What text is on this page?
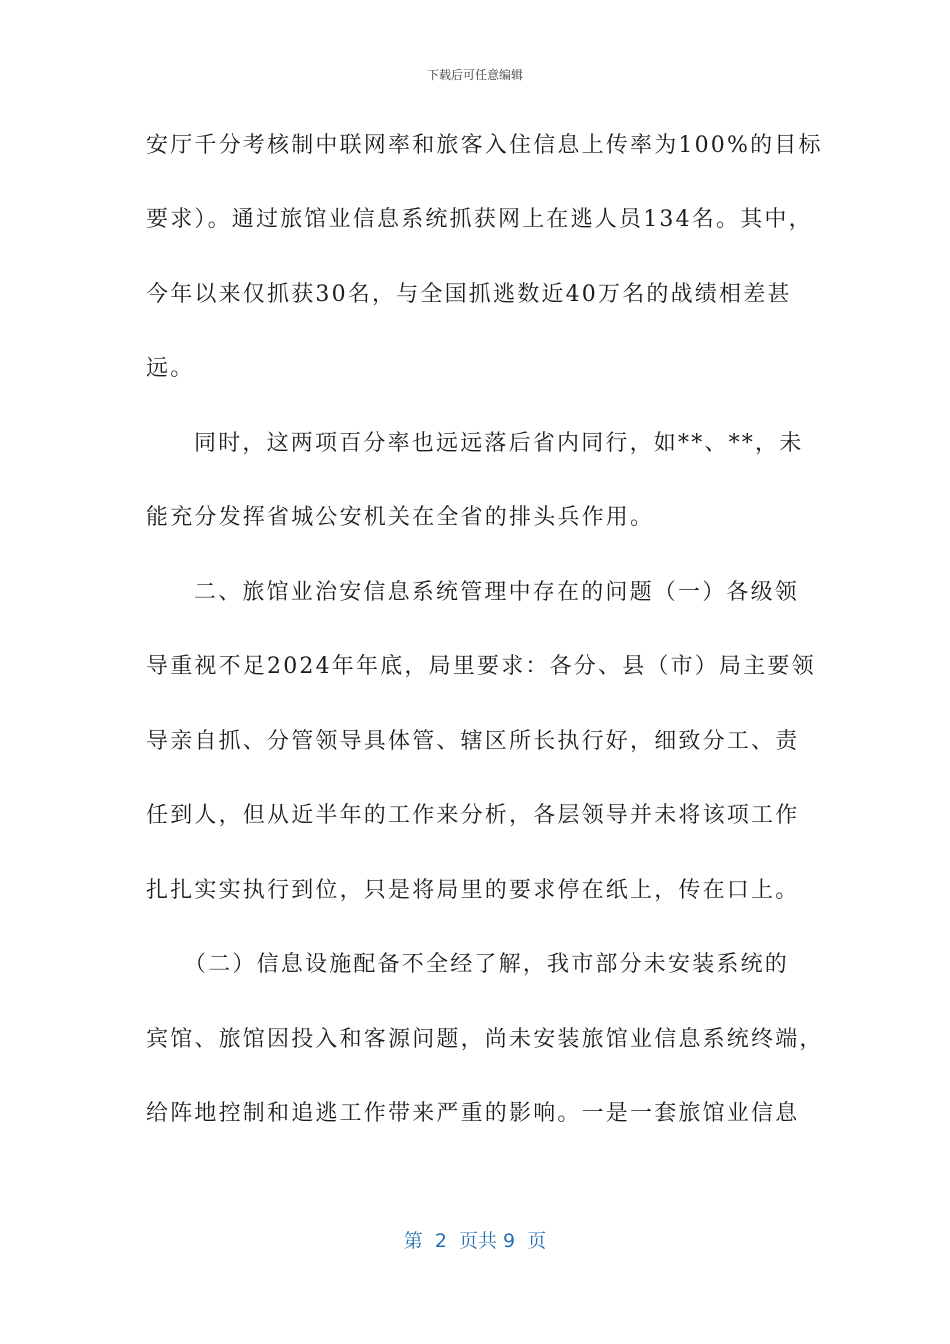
下载后可任意编辑
安厅千分考核制中联网率和旅客入住信息上传率为100%的目标
要求）。通过旅馆业信息系统抓获网上在逃人员134名。其中，
今年以来仅抓获30名，与全国抓逃数近40万名的战绩相差甚
远。
同时，这两项百分率也远远落后省内同行，如**、**，未
能充分发挥省城公安机关在全省的排头兵作用。
二、旅馆业治安信息系统管理中存在的问题（一）各级领
导重视不足2024年年底，局里要求：各分、县（市）局主要领
导亲自抓、分管领导具体管、辖区所长执行好，细致分工、责
任到人，但从近半年的工作来分析，各层领导并未将该项工作
扎扎实实执行到位，只是将局里的要求停在纸上，传在口上。
（二）信息设施配备不全经了解，我市部分未安装系统的
宾馆、旅馆因投入和客源问题，尚未安装旅馆业信息系统终端，
给阵地控制和追逃工作带来严重的影响。一是一套旅馆业信息
第  2  页共 9  页
